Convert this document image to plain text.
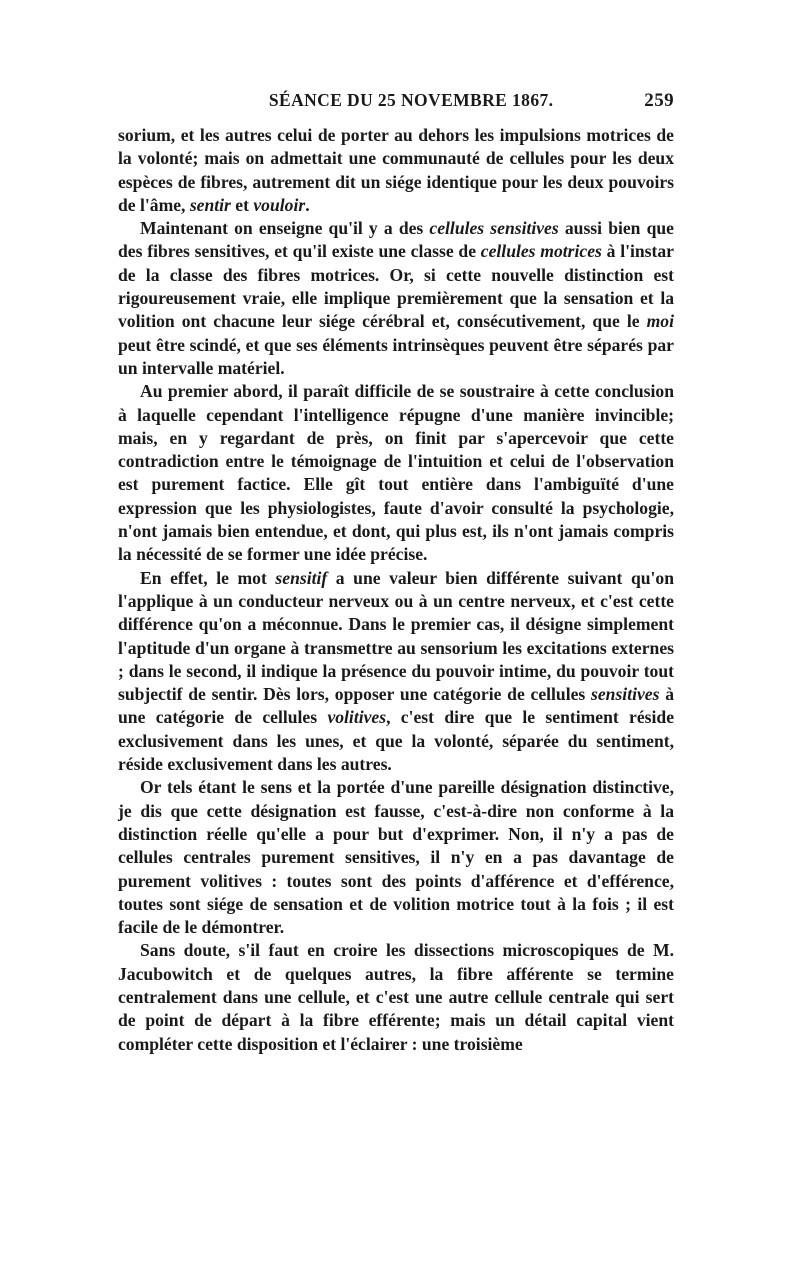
SÉANCE DU 25 NOVEMBRE 1867.	259

sorium, et les autres celui de porter au dehors les impulsions motrices de la volonté; mais on admettait une communauté de cellules pour les deux espèces de fibres, autrement dit un siége identique pour les deux pouvoirs de l'âme, sentir et vouloir.

Maintenant on enseigne qu'il y a des cellules sensitives aussi bien que des fibres sensitives, et qu'il existe une classe de cellules motrices à l'instar de la classe des fibres motrices. Or, si cette nouvelle distinction est rigoureusement vraie, elle implique premièrement que la sensation et la volition ont chacune leur siége cérébral et, consécutivement, que le moi peut être scindé, et que ses éléments intrinsèques peuvent être séparés par un intervalle matériel.

Au premier abord, il paraît difficile de se soustraire à cette conclusion à laquelle cependant l'intelligence répugne d'une manière invincible; mais, en y regardant de près, on finit par s'apercevoir que cette contradiction entre le témoignage de l'intuition et celui de l'observation est purement factice. Elle gît tout entière dans l'ambiguïté d'une expression que les physiologistes, faute d'avoir consulté la psychologie, n'ont jamais bien entendue, et dont, qui plus est, ils n'ont jamais compris la nécessité de se former une idée précise.

En effet, le mot sensitif a une valeur bien différente suivant qu'on l'applique à un conducteur nerveux ou à un centre nerveux, et c'est cette différence qu'on a méconnue. Dans le premier cas, il désigne simplement l'aptitude d'un organe à transmettre au sensorium les excitations externes ; dans le second, il indique la présence du pouvoir intime, du pouvoir tout subjectif de sentir. Dès lors, opposer une catégorie de cellules sensitives à une catégorie de cellules volitives, c'est dire que le sentiment réside exclusivement dans les unes, et que la volonté, séparée du sentiment, réside exclusivement dans les autres.

Or tels étant le sens et la portée d'une pareille désignation distinctive, je dis que cette désignation est fausse, c'est-à-dire non conforme à la distinction réelle qu'elle a pour but d'exprimer. Non, il n'y a pas de cellules centrales purement sensitives, il n'y en a pas davantage de purement volitives : toutes sont des points d'afférence et d'efférence, toutes sont siége de sensation et de volition motrice tout à la fois ; il est facile de le démontrer.

Sans doute, s'il faut en croire les dissections microscopiques de M. Jacubowitch et de quelques autres, la fibre afférente se termine centralement dans une cellule, et c'est une autre cellule centrale qui sert de point de départ à la fibre efférente; mais un détail capital vient compléter cette disposition et l'éclairer : une troisième
